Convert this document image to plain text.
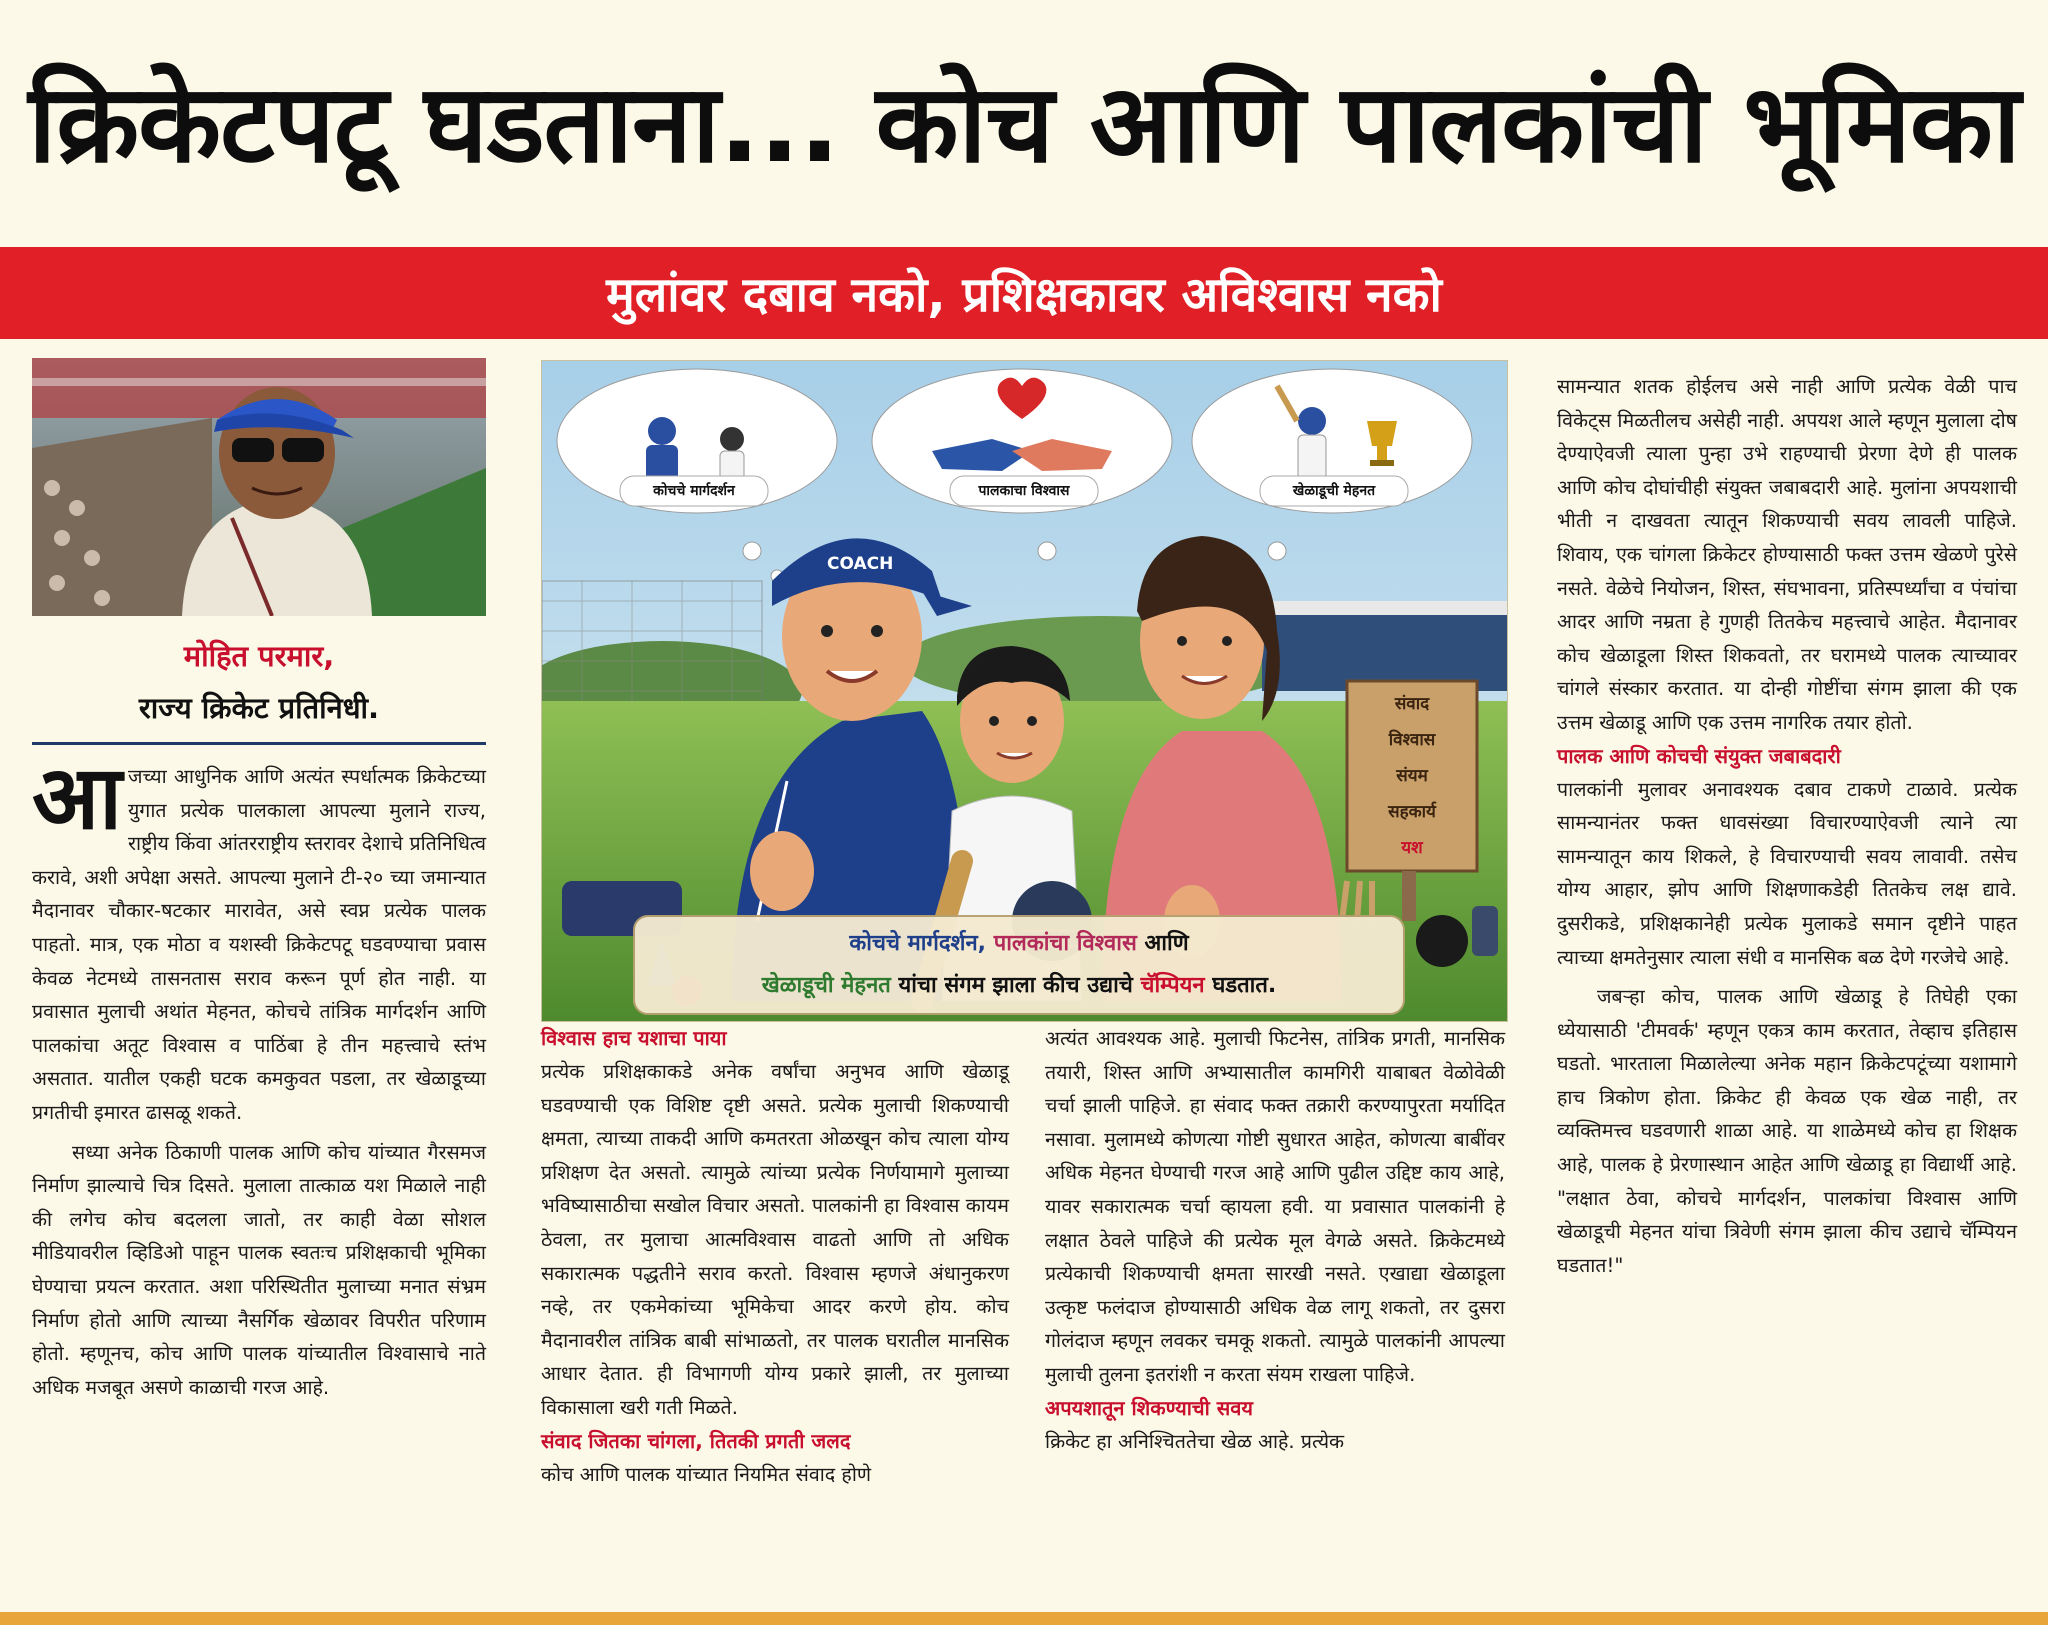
क्रिकेटपटू घडताना... कोच आणि पालकांची भूमिका
मुलांवर दबाव नको, प्रशिक्षकावर अविश्वास नको
मोहित परमार,
राज्य क्रिकेट प्रतिनिधी.

आजच्या आधुनिक आणि अत्यंत स्पर्धात्मक क्रिकेटच्या युगात प्रत्येक पालकाला आपल्या मुलाने राज्य, राष्ट्रीय किंवा आंतरराष्ट्रीय स्तरावर देशाचे प्रतिनिधित्व करावे, अशी अपेक्षा असते. आपल्या मुलाने टी-२० च्या जमान्यात मैदानावर चौकार-षटकार मारावेत, असे स्वप्न प्रत्येक पालक पाहतो. मात्र, एक मोठा व यशस्वी क्रिकेटपटू घडवण्याचा प्रवास केवळ नेटमध्ये तासनतास सराव करून पूर्ण होत नाही. या प्रवासात मुलाची अथांत मेहनत, कोचचे तांत्रिक मार्गदर्शन आणि पालकांचा अतूट विश्वास व पाठिंबा हे तीन महत्त्वाचे स्तंभ असतात. यातील एकही घटक कमकुवत पडला, तर खेळाडूच्या प्रगतीची इमारत ढासळू शकते.

सध्या अनेक ठिकाणी पालक आणि कोच यांच्यात गैरसमज निर्माण झाल्याचे चित्र दिसते. मुलाला तात्काळ यश मिळाले नाही की लगेच कोच बदलला जातो, तर काही वेळा सोशल मीडियावरील व्हिडिओ पाहून पालक स्वतःच प्रशिक्षकाची भूमिका घेण्याचा प्रयत्न करतात. अशा परिस्थितीत मुलाच्या मनात संभ्रम निर्माण होतो आणि त्याच्या नैसर्गिक खेळावर विपरीत परिणाम होतो. म्हणूनच, कोच आणि पालक यांच्यातील विश्वासाचे नाते अधिक मजबूत असणे काळाची गरज आहे.

कोचचे मार्गदर्शन	पालकाचा विश्वास	खेळाडूची मेहनत
COACH
संवाद
विश्वास
संयम
सहकार्य
यश
कोचचे मार्गदर्शन, पालकांचा विश्वास आणि
खेळाडूची मेहनत यांचा संगम झाला कीच उद्याचे चॅम्पियन घडतात.
विश्वास हाच यशाचा पाया

प्रत्येक प्रशिक्षकाकडे अनेक वर्षांचा अनुभव आणि खेळाडू घडवण्याची एक विशिष्ट दृष्टी असते. प्रत्येक मुलाची शिकण्याची क्षमता, त्याच्या ताकदी आणि कमतरता ओळखून कोच त्याला योग्य प्रशिक्षण देत असतो. त्यामुळे त्यांच्या प्रत्येक निर्णयामागे मुलाच्या भविष्यासाठीचा सखोल विचार असतो. पालकांनी हा विश्वास कायम ठेवला, तर मुलाचा आत्मविश्वास वाढतो आणि तो अधिक सकारात्मक पद्धतीने सराव करतो. विश्वास म्हणजे अंधानुकरण नव्हे, तर एकमेकांच्या भूमिकेचा आदर करणे होय. कोच मैदानावरील तांत्रिक बाबी सांभाळतो, तर पालक घरातील मानसिक आधार देतात. ही विभागणी योग्य प्रकारे झाली, तर मुलाच्या विकासाला खरी गती मिळते.

संवाद जितका चांगला, तितकी प्रगती जलद

कोच आणि पालक यांच्यात नियमित संवाद होणे

अत्यंत आवश्यक आहे. मुलाची फिटनेस, तांत्रिक प्रगती, मानसिक तयारी, शिस्त आणि अभ्यासातील कामगिरी याबाबत वेळोवेळी चर्चा झाली पाहिजे. हा संवाद फक्त तक्रारी करण्यापुरता मर्यादित नसावा. मुलामध्ये कोणत्या गोष्टी सुधारत आहेत, कोणत्या बाबींवर अधिक मेहनत घेण्याची गरज आहे आणि पुढील उद्दिष्ट काय आहे, यावर सकारात्मक चर्चा व्हायला हवी. या प्रवासात पालकांनी हे लक्षात ठेवले पाहिजे की प्रत्येक मूल वेगळे असते. क्रिकेटमध्ये प्रत्येकाची शिकण्याची क्षमता सारखी नसते. एखाद्या खेळाडूला उत्कृष्ट फलंदाज होण्यासाठी अधिक वेळ लागू शकतो, तर दुसरा गोलंदाज म्हणून लवकर चमकू शकतो. त्यामुळे पालकांनी आपल्या मुलाची तुलना इतरांशी न करता संयम राखला पाहिजे.

अपयशातून शिकण्याची सवय

क्रिकेट हा अनिश्चिततेचा खेळ आहे. प्रत्येक

सामन्यात शतक होईलच असे नाही आणि प्रत्येक वेळी पाच विकेट्स मिळतीलच असेही नाही. अपयश आले म्हणून मुलाला दोष देण्याऐवजी त्याला पुन्हा उभे राहण्याची प्रेरणा देणे ही पालक आणि कोच दोघांचीही संयुक्त जबाबदारी आहे. मुलांना अपयशाची भीती न दाखवता त्यातून शिकण्याची सवय लावली पाहिजे. शिवाय, एक चांगला क्रिकेटर होण्यासाठी फक्त उत्तम खेळणे पुरेसे नसते. वेळेचे नियोजन, शिस्त, संघभावना, प्रतिस्पर्ध्यांचा व पंचांचा आदर आणि नम्रता हे गुणही तितकेच महत्त्वाचे आहेत. मैदानावर कोच खेळाडूला शिस्त शिकवतो, तर घरामध्ये पालक त्याच्यावर चांगले संस्कार करतात. या दोन्ही गोष्टींचा संगम झाला की एक उत्तम खेळाडू आणि एक उत्तम नागरिक तयार होतो.

पालक आणि कोचची संयुक्त जबाबदारी

पालकांनी मुलावर अनावश्यक दबाव टाकणे टाळावे. प्रत्येक सामन्यानंतर फक्त धावसंख्या विचारण्याऐवजी त्याने त्या सामन्यातून काय शिकले, हे विचारण्याची सवय लावावी. तसेच योग्य आहार, झोप आणि शिक्षणाकडेही तितकेच लक्ष द्यावे. दुसरीकडे, प्रशिक्षकानेही प्रत्येक मुलाकडे समान दृष्टीने पाहत त्याच्या क्षमतेनुसार त्याला संधी व मानसिक बळ देणे गरजेचे आहे.

जबऱ्हा कोच, पालक आणि खेळाडू हे तिघेही एका ध्येयासाठी 'टीमवर्क' म्हणून एकत्र काम करतात, तेव्हाच इतिहास घडतो. भारताला मिळालेल्या अनेक महान क्रिकेटपटूंच्या यशामागे हाच त्रिकोण होता. क्रिकेट ही केवळ एक खेळ नाही, तर व्यक्तिमत्त्व घडवणारी शाळा आहे. या शाळेमध्ये कोच हा शिक्षक आहे, पालक हे प्रेरणास्थान आहेत आणि खेळाडू हा विद्यार्थी आहे. "लक्षात ठेवा, कोचचे मार्गदर्शन, पालकांचा विश्वास आणि खेळाडूची मेहनत यांचा त्रिवेणी संगम झाला कीच उद्याचे चॅम्पियन घडतात!"
